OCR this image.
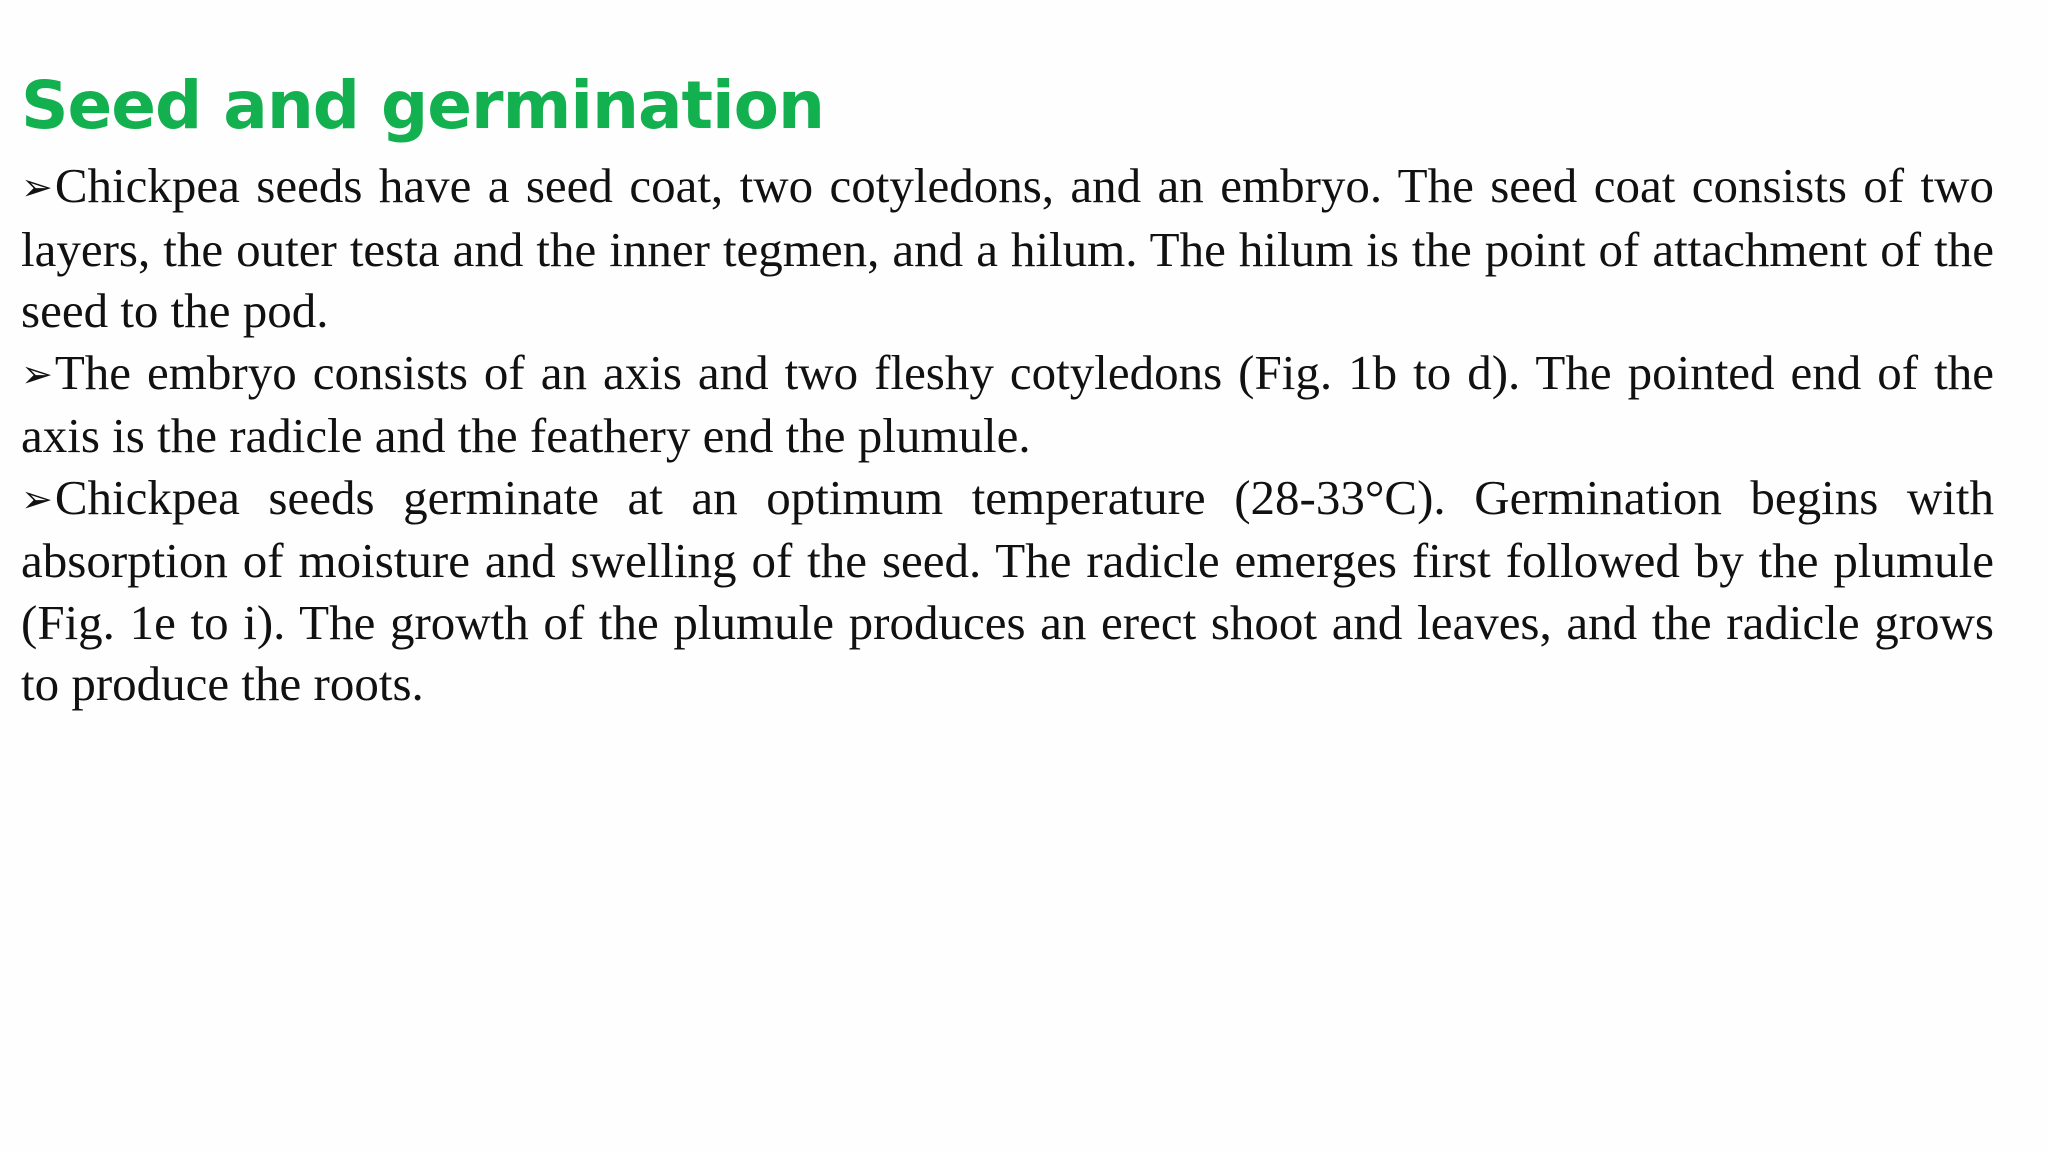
Seed and germination

➢Chickpea seeds have a seed coat, two cotyledons, and an embryo. The seed coat consists of two layers, the outer testa and the inner tegmen, and a hilum. The hilum is the point of attachment of the seed to the pod.

➢The embryo consists of an axis and two fleshy cotyledons (Fig. 1b to d). The pointed end of the axis is the radicle and the feathery end the plumule.

➢Chickpea seeds germinate at an optimum temperature (28-33°C). Germination begins with absorption of moisture and swelling of the seed. The radicle emerges first followed by the plumule (Fig. 1e to i). The growth of the plumule produces an erect shoot and leaves, and the radicle grows to produce the roots.
